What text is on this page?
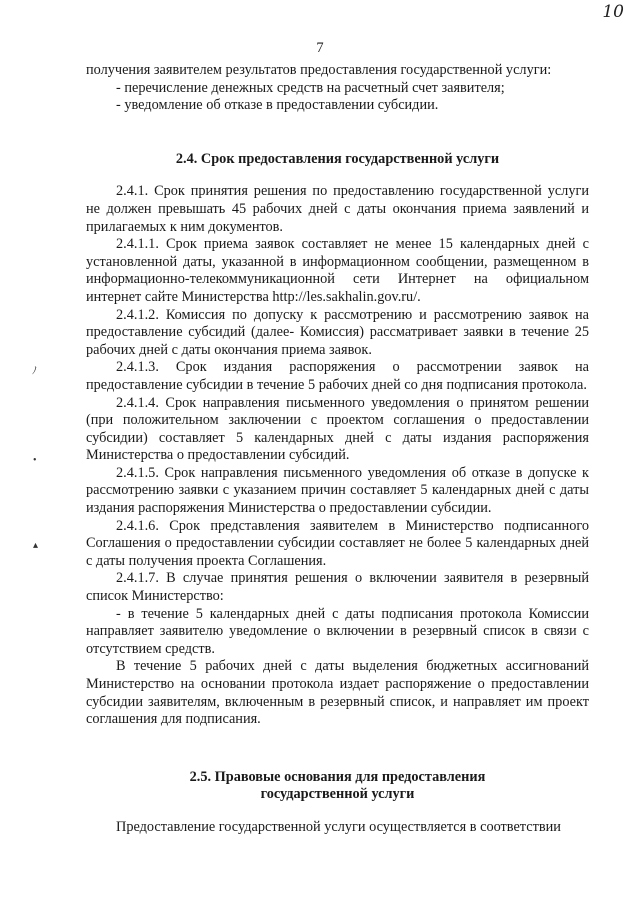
10
7
ﾉ
•
▴

получения заявителем результатов предоставления государственной услуги:

- перечисление денежных средств на расчетный счет заявителя;

- уведомление об отказе в предоставлении субсидии.

2.4. Срок предоставления государственной услуги

2.4.1. Срок принятия решения по предоставлению государственной услуги не должен превышать 45 рабочих дней с даты окончания приема заявлений и прилагаемых к ним документов.

2.4.1.1. Срок приема заявок составляет не менее 15 календарных дней с установленной даты, указанной в информационном сообщении, размещенном в информационно-телекоммуникационной сети Интернет на официальном интернет сайте Министерства http://les.sakhalin.gov.ru/.

2.4.1.2. Комиссия по допуску к рассмотрению и рассмотрению заявок на предоставление субсидий (далее- Комиссия) рассматривает заявки в течение 25 рабочих дней с даты окончания приема заявок.

2.4.1.3. Срок издания распоряжения о рассмотрении заявок на предоставление субсидии в течение 5 рабочих дней со дня подписания протокола.

2.4.1.4. Срок направления письменного уведомления о принятом решении (при положительном заключении с проектом соглашения о предоставлении субсидии) составляет 5 календарных дней с даты издания распоряжения Министерства о предоставлении субсидий.

2.4.1.5. Срок направления письменного уведомления об отказе в допуске к рассмотрению заявки с указанием причин составляет 5 календарных дней с даты издания распоряжения Министерства о предоставлении субсидии.

2.4.1.6. Срок представления заявителем в Министерство подписанного Соглашения о предоставлении субсидии составляет не более 5 календарных дней с даты получения проекта Соглашения.

2.4.1.7. В случае принятия решения о включении заявителя в резервный список Министерство:

- в течение 5 календарных дней с даты подписания протокола Комиссии направляет заявителю уведомление о включении в резервный список в связи с отсутствием средств.

В течение 5 рабочих дней с даты выделения бюджетных ассигнований Министерство на основании протокола издает распоряжение о предоставлении субсидии заявителям, включенным в резервный список, и направляет им проект соглашения для подписания.

2.5. Правовые основания для предоставления

государственной услуги

Предоставление государственной услуги осуществляется в соответствии
